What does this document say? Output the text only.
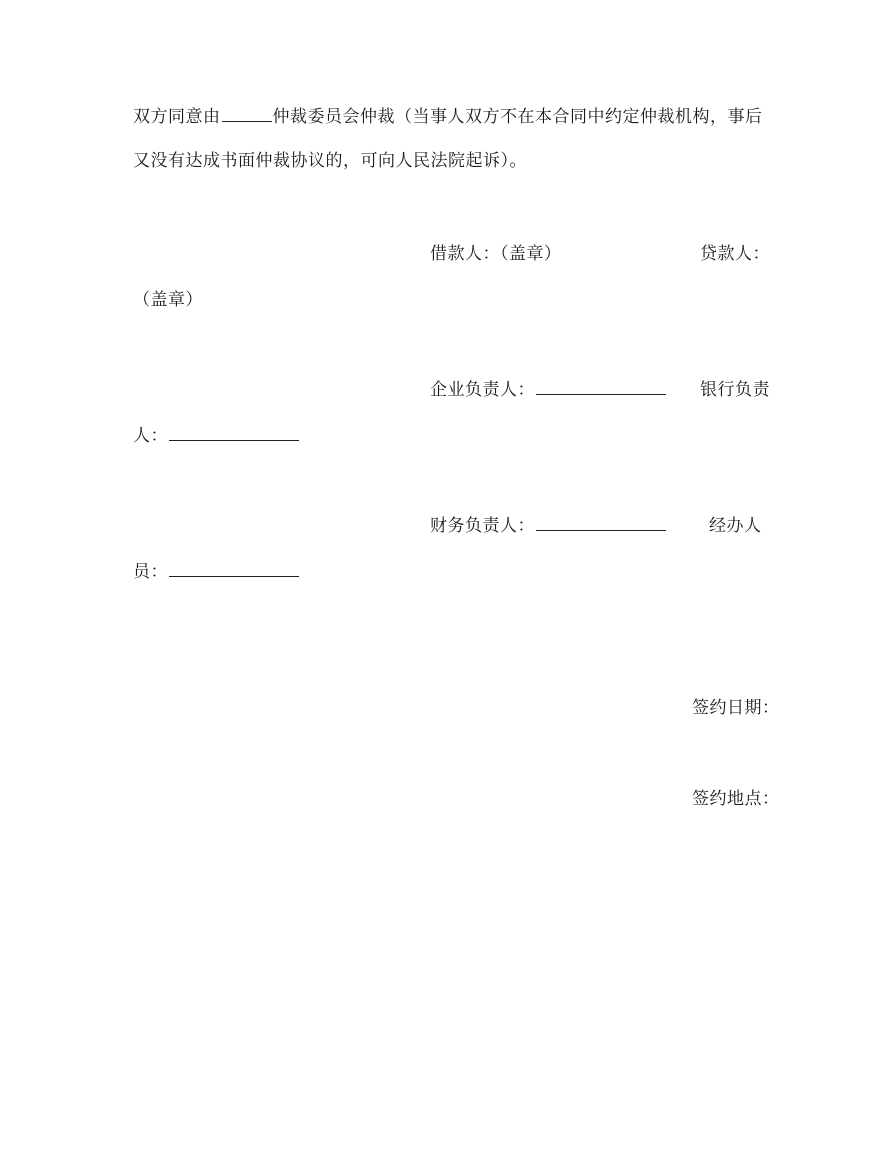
双方同意由	仲裁委员会仲裁（当事人双方不在本合同中约定仲裁机构，事后
又没有达成书面仲裁协议的，可向人民法院起诉）。
借款人：（盖章）	贷款人：
（盖章）
企业负责人：	银行负责
人：
财务负责人：	经办人
员：
签约日期：
签约地点：
